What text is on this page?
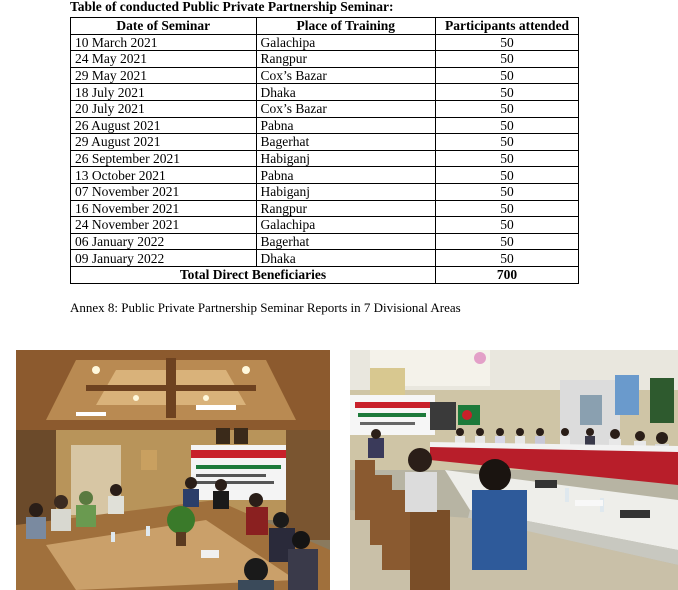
Table of conducted Public Private Partnership Seminar:
Date of Seminar	Place of Training	Participants attended
10 March 2021	Galachipa	50
24 May 2021	Rangpur	50
29 May 2021	Cox’s Bazar	50
18 July 2021	Dhaka	50
20 July 2021	Cox’s Bazar	50
26 August 2021	Pabna	50
29 August 2021	Bagerhat	50
26 September 2021	Habiganj	50
13 October 2021	Pabna	50
07 November 2021	Habiganj	50
16 November 2021	Rangpur	50
24 November 2021	Galachipa	50
06 January 2022	Bagerhat	50
09 January 2022	Dhaka	50
Total Direct Beneficiaries		700
Annex 8: Public Private Partnership Seminar Reports in 7 Divisional Areas
